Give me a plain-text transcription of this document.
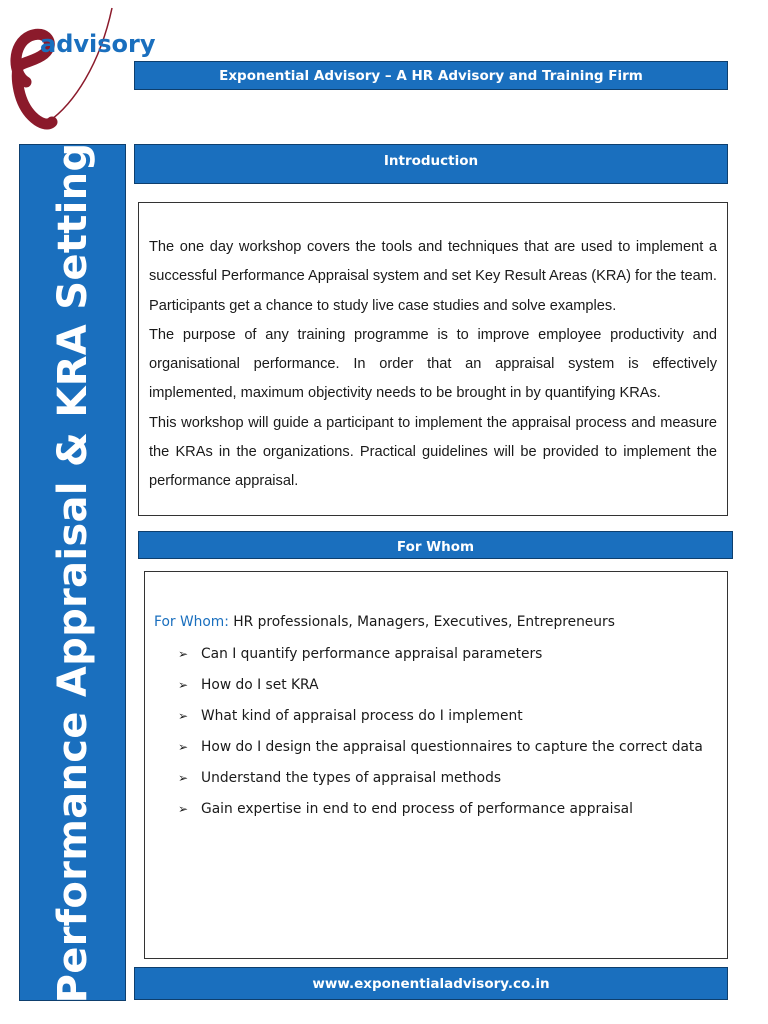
advisory
Exponential Advisory – A HR Advisory and Training Firm
Performance Appraisal & KRA Setting	Introduction

The one day workshop covers the tools and techniques that are used to implement a successful Performance Appraisal system and set Key Result Areas (KRA) for the team. Participants get a chance to study live case studies and solve examples.

The purpose of any training programme is to improve employee productivity and organisational performance. In order that an appraisal system is effectively implemented, maximum objectivity needs to be brought in by quantifying KRAs.

This workshop will guide a participant to implement the appraisal process and measure the KRAs in the organizations. Practical guidelines will be provided to implement the performance appraisal.

For Whom
For Whom: HR professionals, Managers, Executives, Entrepreneurs
➢ Can I quantify performance appraisal parameters
➢ How do I set KRA
➢ What kind of appraisal process do I implement
➢ How do I design the appraisal questionnaires to capture the correct data
➢ Understand the types of appraisal methods
➢ Gain expertise in end to end process of performance appraisal
www.exponentialadvisory.co.in
